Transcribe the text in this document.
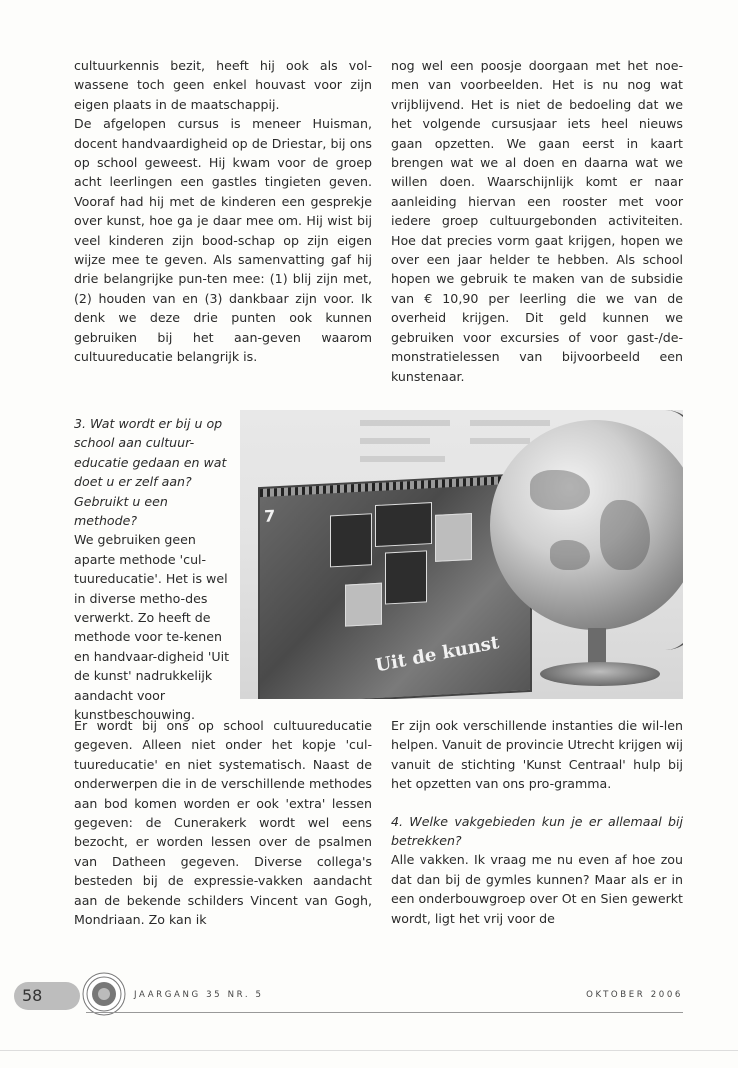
cultuurkennis bezit, heeft hij ook als vol-wassene toch geen enkel houvast voor zijn eigen plaats in de maatschappij.

De afgelopen cursus is meneer Huisman, docent handvaardigheid op de Driestar, bij ons op school geweest. Hij kwam voor de groep acht leerlingen een gastles tingieten geven. Vooraf had hij met de kinderen een gesprekje over kunst, hoe ga je daar mee om. Hij wist bij veel kinderen zijn bood-schap op zijn eigen wijze mee te geven. Als samenvatting gaf hij drie belangrijke pun-ten mee: (1) blij zijn met, (2) houden van en (3) dankbaar zijn voor. Ik denk we deze drie punten ook kunnen gebruiken bij het aan-geven waarom cultuureducatie belangrijk is.

nog wel een poosje doorgaan met het noe-men van voorbeelden. Het is nu nog wat vrijblijvend. Het is niet de bedoeling dat we het volgende cursusjaar iets heel nieuws gaan opzetten. We gaan eerst in kaart brengen wat we al doen en daarna wat we willen doen. Waarschijnlijk komt er naar aanleiding hiervan een rooster met voor iedere groep cultuurgebonden activiteiten. Hoe dat precies vorm gaat krijgen, hopen we over een jaar helder te hebben. Als school hopen we gebruik te maken van de subsidie van € 10,90 per leerling die we van de overheid krijgen. Dit geld kunnen we gebruiken voor excursies of voor gast-/de-monstratielessen van bijvoorbeeld een kunstenaar.

3. Wat wordt er bij u op school aan cultuur-educatie gedaan en wat doet u er zelf aan? Gebruikt u een methode?

We gebruiken geen aparte methode 'cul-tuureducatie'. Het is wel in diverse metho-des verwerkt. Zo heeft de methode voor te-kenen en handvaar-digheid 'Uit de kunst' nadrukkelijk aandacht voor kunstbeschouwing.

7
Uit de kunst

Er wordt bij ons op school cultuureducatie gegeven. Alleen niet onder het kopje 'cul-tuureducatie' en niet systematisch. Naast de onderwerpen die in de verschillende methodes aan bod komen worden er ook 'extra' lessen gegeven: de Cunerakerk wordt wel eens bezocht, er worden lessen over de psalmen van Datheen gegeven. Diverse collega's besteden bij de expressie-vakken aandacht aan de bekende schilders Vincent van Gogh, Mondriaan. Zo kan ik

Er zijn ook verschillende instanties die wil-len helpen. Vanuit de provincie Utrecht krijgen wij vanuit de stichting 'Kunst Centraal' hulp bij het opzetten van ons pro-gramma.

4. Welke vakgebieden kun je er allemaal bij betrekken?

Alle vakken. Ik vraag me nu even af hoe zou dat dan bij de gymles kunnen? Maar als er in een onderbouwgroep over Ot en Sien gewerkt wordt, ligt het vrij voor de

58	JAARGANG 35 NR. 5	OKTOBER 2006
